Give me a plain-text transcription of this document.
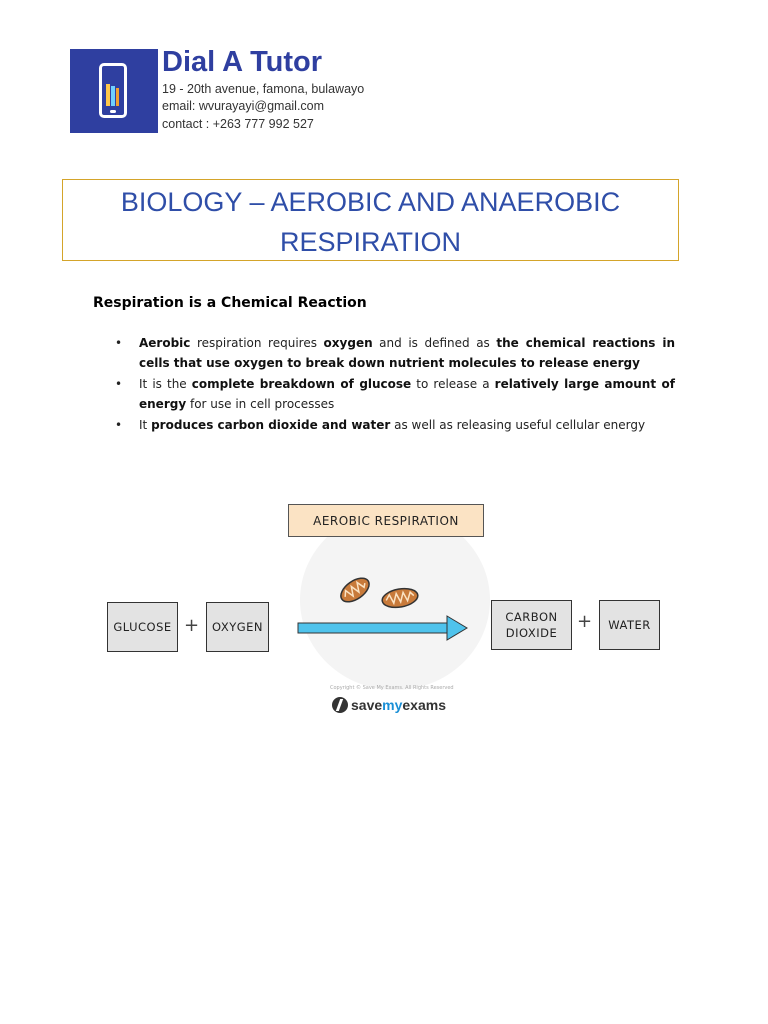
Dial A Tutor
19 - 20th avenue, famona, bulawayo
email: wvurayayi@gmail.com
contact : +263 777 992 527
BIOLOGY – AEROBIC AND ANAEROBIC
RESPIRATION
Respiration is a Chemical Reaction
• Aerobic respiration requires oxygen and is defined as the chemical reactions in cells that use oxygen to break down nutrient molecules to release energy
• It is the complete breakdown of glucose to release a relatively large amount of energy for use in cell processes
• It produces carbon dioxide and water as well as releasing useful cellular energy
AEROBIC RESPIRATION
GLUCOSE +	OXYGEN
CARBON
DIOXIDE
+	WATER
Copyright © Save My Exams. All Rights Reserved
save my exams
